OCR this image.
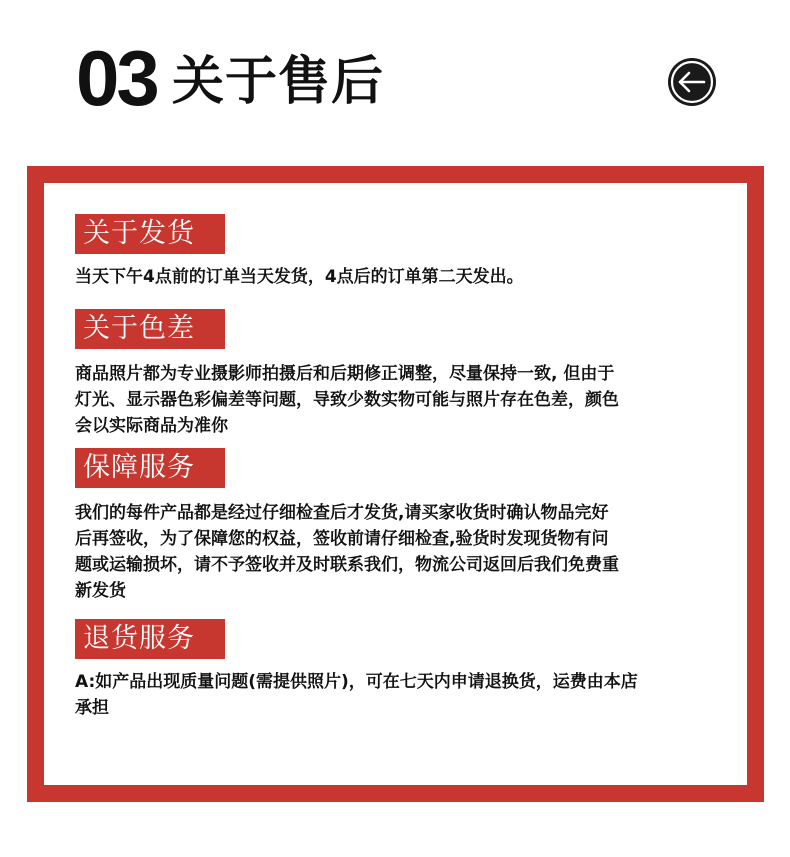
03 关于售后
关于发货
当天下午4点前的订单当天发货，4点后的订单第二天发出。
关于色差
商品照片都为专业摄影师拍摄后和后期修正调整，尽量保持一致, 但由于
灯光、显示器色彩偏差等问题，导致少数实物可能与照片存在色差，颜色
会以实际商品为准你
保障服务
我们的每件产品都是经过仔细检查后才发货,请买家收货时确认物品完好
后再签收，为了保障您的权益，签收前请仔细检查,验货时发现货物有问
题或运输损坏，请不予签收并及时联系我们，物流公司返回后我们免费重
新发货
退货服务
A:如产品出现质量问题(需提供照片)，可在七天内申请退换货，运费由本店
承担
